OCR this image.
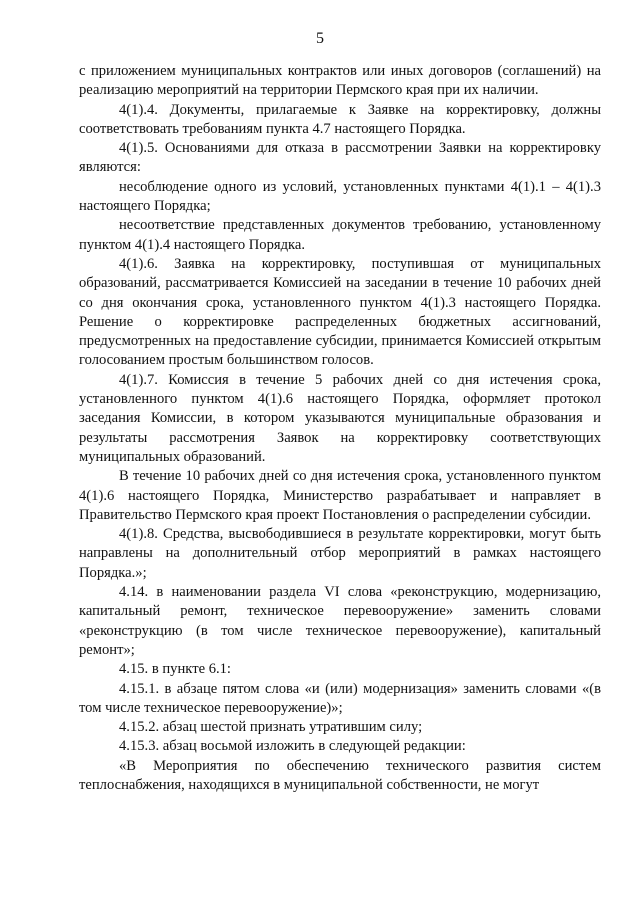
5

с приложением муниципальных контрактов или иных договоров (соглашений) на реализацию мероприятий на территории Пермского края при их наличии.

4(1).4. Документы, прилагаемые к Заявке на корректировку, должны соответствовать требованиям пункта 4.7 настоящего Порядка.

4(1).5. Основаниями для отказа в рассмотрении Заявки на корректировку являются:

несоблюдение одного из условий, установленных пунктами 4(1).1 – 4(1).3 настоящего Порядка;

несоответствие представленных документов требованию, установленному пунктом 4(1).4 настоящего Порядка.

4(1).6. Заявка на корректировку, поступившая от муниципальных образований, рассматривается Комиссией на заседании в течение 10 рабочих дней со дня окончания срока, установленного пунктом 4(1).3 настоящего Порядка. Решение о корректировке распределенных бюджетных ассигнований, предусмотренных на предоставление субсидии, принимается Комиссией открытым голосованием простым большинством голосов.

4(1).7. Комиссия в течение 5 рабочих дней со дня истечения срока, установленного пунктом 4(1).6 настоящего Порядка, оформляет протокол заседания Комиссии, в котором указываются муниципальные образования и результаты рассмотрения Заявок на корректировку соответствующих муниципальных образований.

В течение 10 рабочих дней со дня истечения срока, установленного пунктом 4(1).6 настоящего Порядка, Министерство разрабатывает и направляет в Правительство Пермского края проект Постановления о распределении субсидии.

4(1).8. Средства, высвободившиеся в результате корректировки, могут быть направлены на дополнительный отбор мероприятий в рамках настоящего Порядка.»;

4.14. в наименовании раздела VI слова «реконструкцию, модернизацию, капитальный ремонт, техническое перевооружение» заменить словами «реконструкцию (в том числе техническое перевооружение), капитальный ремонт»;

4.15. в пункте 6.1:

4.15.1. в абзаце пятом слова «и (или) модернизация» заменить словами «(в том числе техническое перевооружение)»;

4.15.2. абзац шестой признать утратившим силу;

4.15.3. абзац восьмой изложить в следующей редакции:

«В Мероприятия по обеспечению технического развития систем теплоснабжения, находящихся в муниципальной собственности, не могут
